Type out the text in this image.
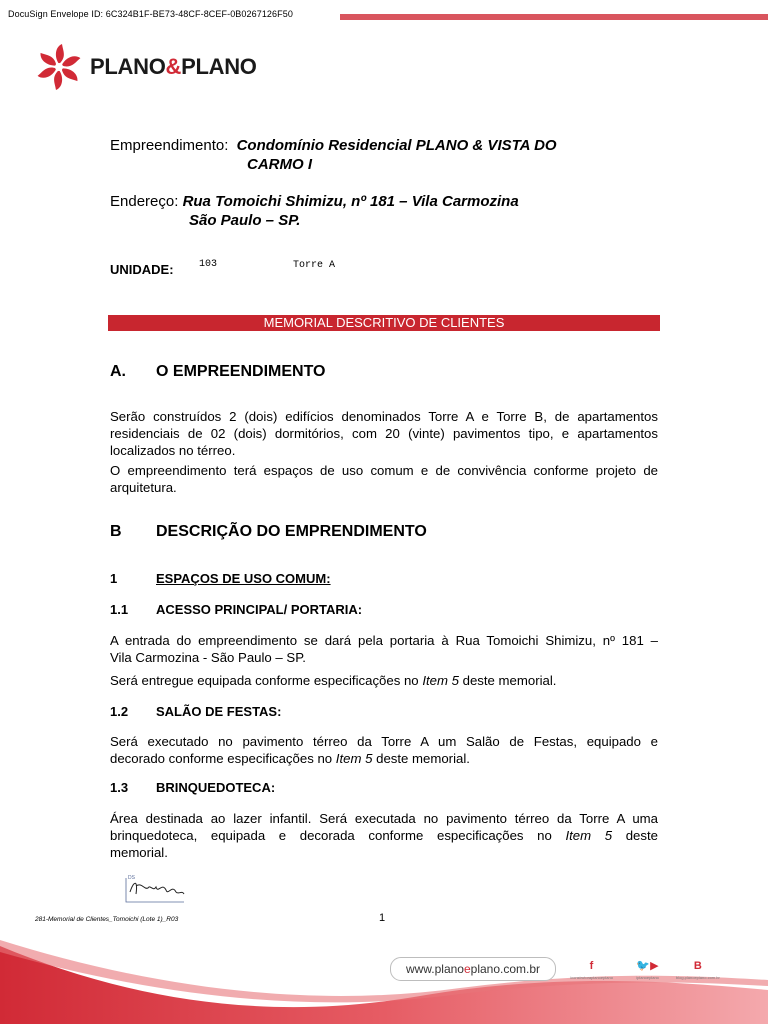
DocuSign Envelope ID: 6C324B1F-BE73-48CF-8CEF-0B0267126F50
PLANO&PLANO
Empreendimento: Condomínio Residencial PLANO & VISTA DO
CARMO I
Endereço: Rua Tomoichi Shimizu, nº 181 – Vila Carmozina
São Paulo – SP.
UNIDADE:	103	Torre A
MEMORIAL DESCRITIVO DE CLIENTES
A. O EMPREENDIMENTO
Serão construídos 2 (dois) edifícios denominados Torre A e Torre B, de apartamentos
residenciais de 02 (dois) dormitórios, com 20 (vinte) pavimentos tipo, e apartamentos
localizados no térreo.
O empreendimento terá espaços de uso comum e de convivência conforme projeto de
arquitetura.
B DESCRIÇÃO DO EMPRENDIMENTO
1	ESPAÇOS DE USO COMUM:
1.1 ACESSO PRINCIPAL/ PORTARIA:
A entrada do empreendimento se dará pela portaria à Rua Tomoichi Shimizu, nº 181 –
Vila Carmozina - São Paulo – SP.
Será entregue equipada conforme especificações no Item 5 deste memorial.
1.2 SALÃO DE FESTAS:
Será executado no pavimento térreo da Torre A um Salão de Festas, equipado e
decorado conforme especificações no Item 5 deste memorial.
1.3 BRINQUEDOTECA:
Área destinada ao lazer infantil. Será executada no pavimento térreo da Torre A uma
brinquedoteca, equipada e decorada conforme especificações no Item 5 deste
memorial.
DS
281-Memorial de Clientes_Tomoichi (Lote 1)_R03	1
www.planoeplano.com.br	f
/construtoraplanoeplano
🐦▶
/planoeplano
B
blog.planoeplano.com.br
